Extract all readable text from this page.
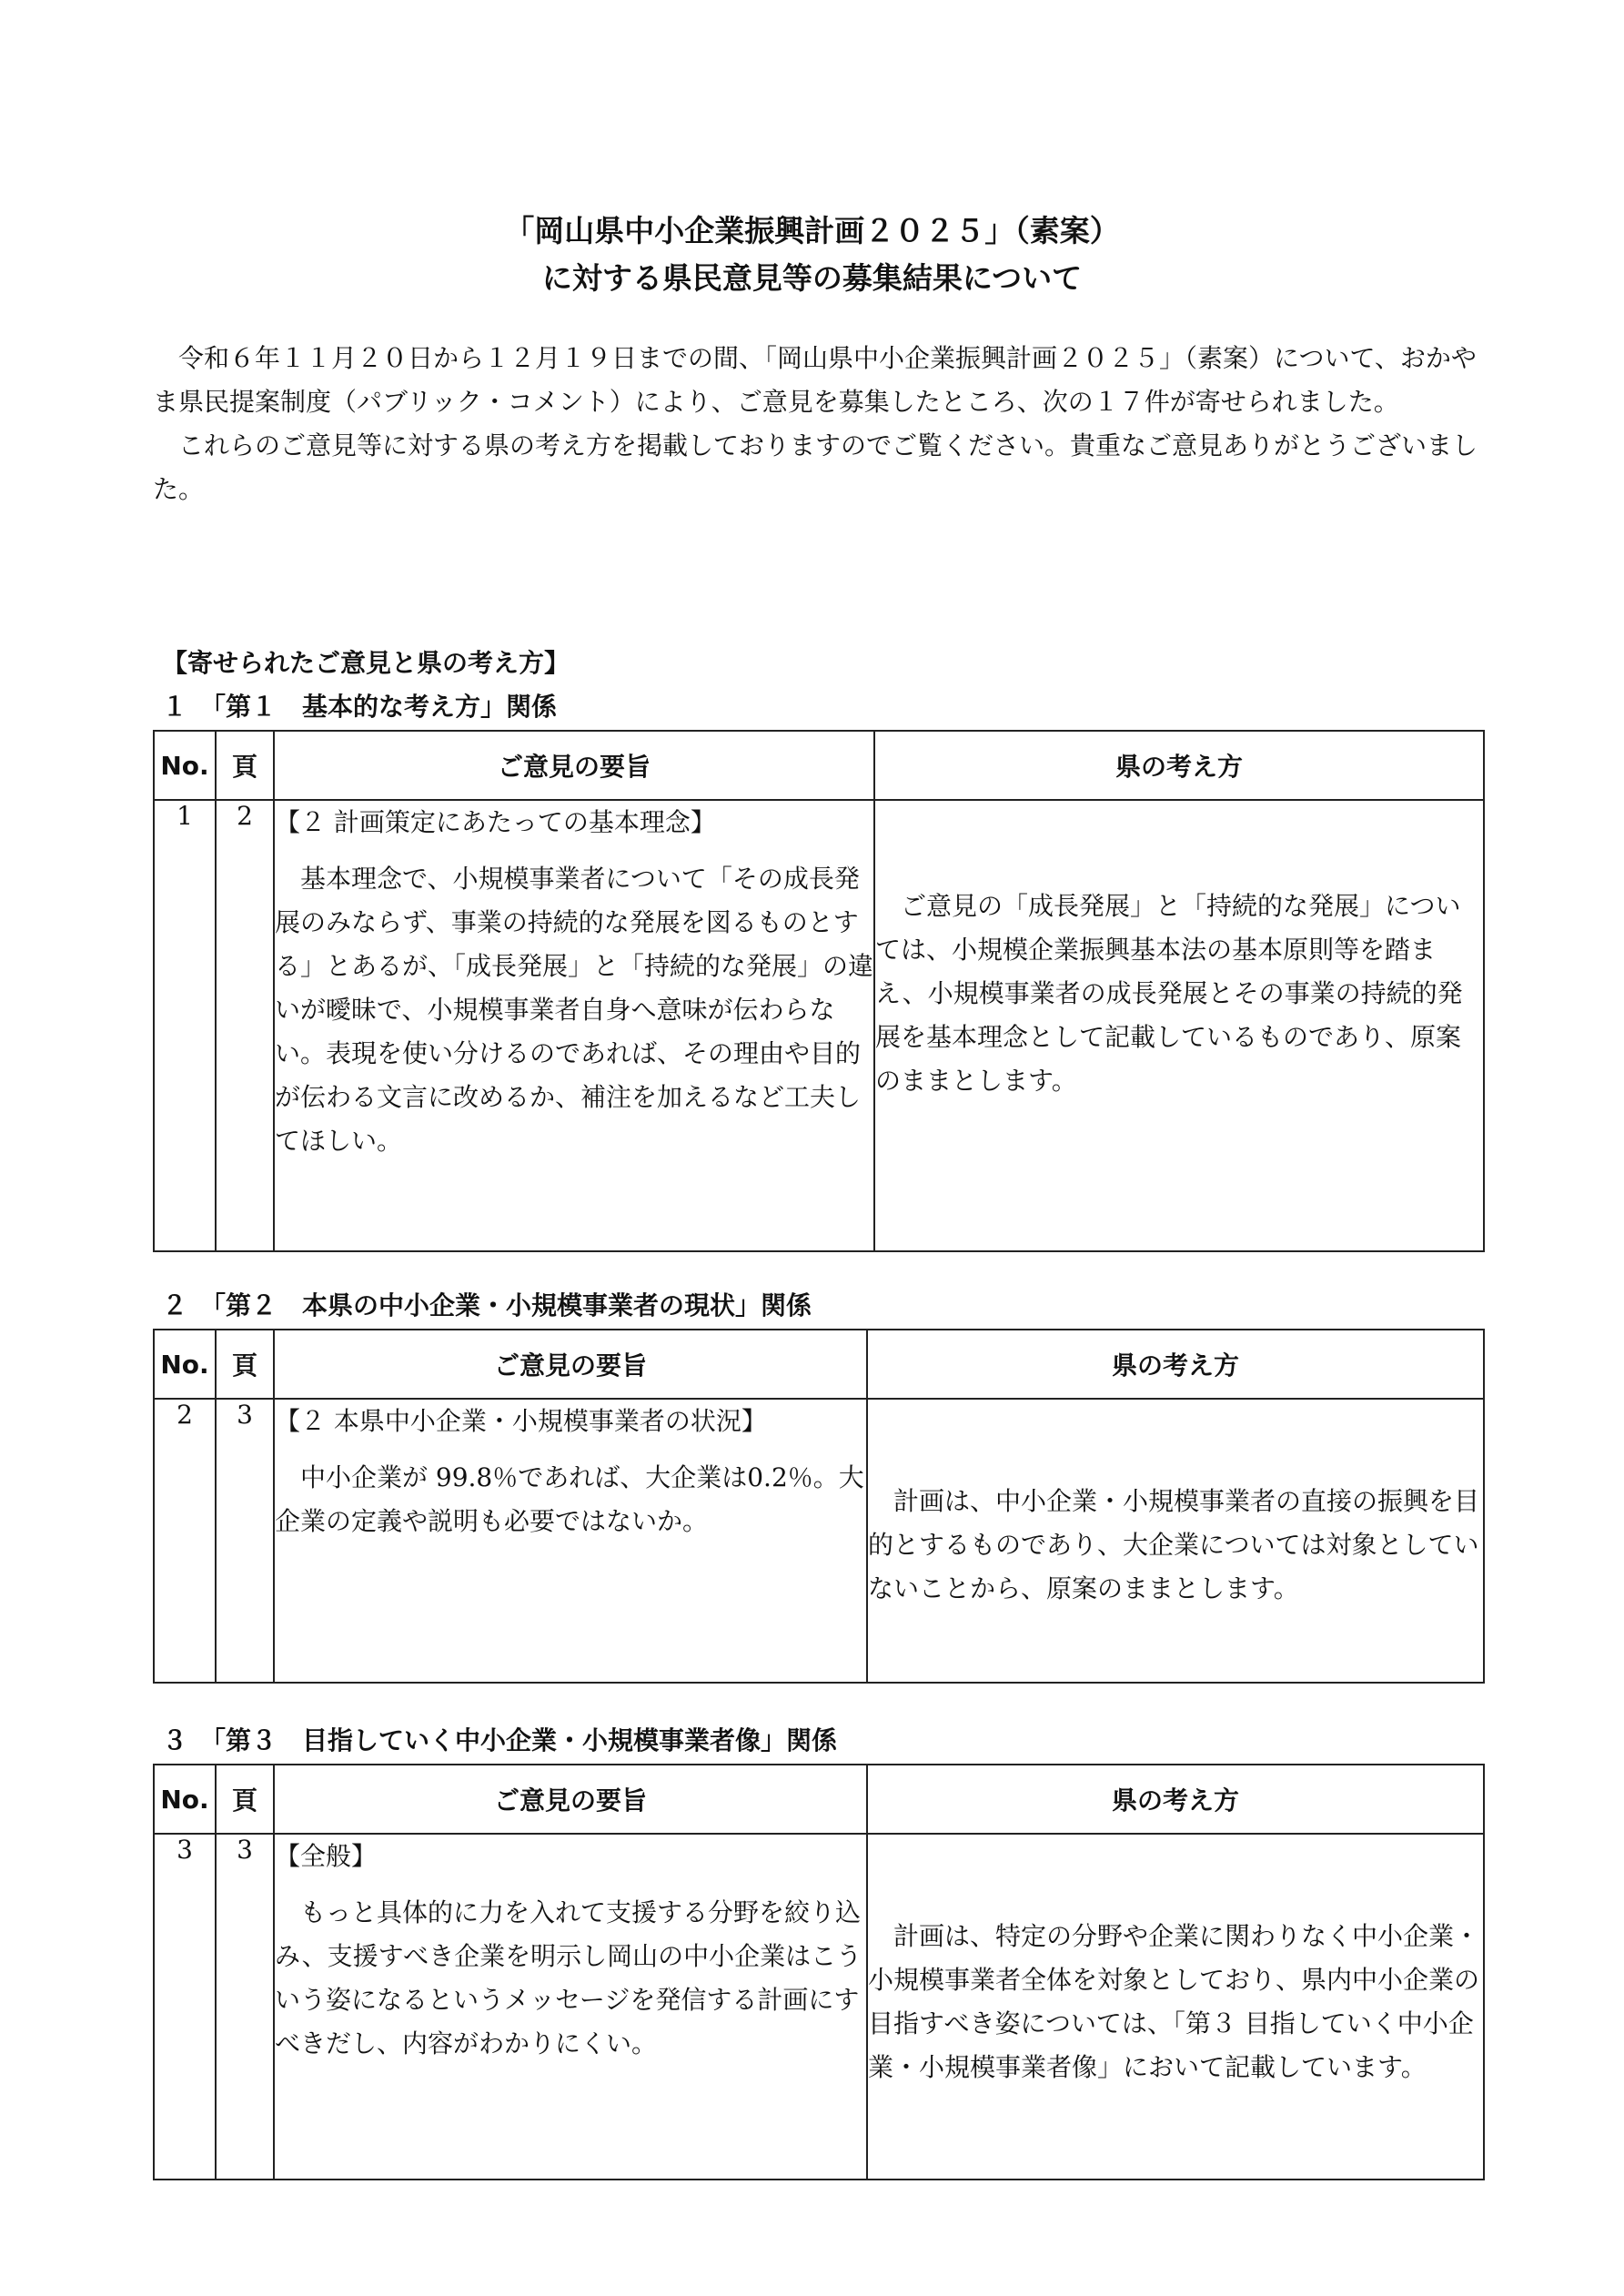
「岡山県中小企業振興計画２０２５」（素案）
に対する県民意見等の募集結果について

令和６年１１月２０日から１２月１９日までの間、「岡山県中小企業振興計画２０２５」（素案）について、おかやま県民提案制度（パブリック・コメント）により、ご意見を募集したところ、次の１７件が寄せられました。

これらのご意見等に対する県の考え方を掲載しておりますのでご覧ください。貴重なご意見ありがとうございました。

【寄せられたご意見と県の考え方】
１　「第１　基本的な考え方」関係
No.	頁	ご意見の要旨	県の考え方
1	2	【２ 計画策定にあたっての基本理念】

基本理念で、小規模事業者について「その成長発展のみならず、事業の持続的な発展を図るものとする」とあるが、「成長発展」と「持続的な発展」の違いが曖昧で、小規模事業者自身へ意味が伝わらない。表現を使い分けるのであれば、その理由や目的が伝わる文言に改めるか、補注を加えるなど工夫してほしい。	ご意見の「成長発展」と「持続的な発展」については、小規模企業振興基本法の基本原則等を踏まえ、小規模事業者の成長発展とその事業の持続的発展を基本理念として記載しているものであり、原案のままとします。

２　「第２　本県の中小企業・小規模事業者の現状」関係
No.	頁	ご意見の要旨	県の考え方
2	3	【２ 本県中小企業・小規模事業者の状況】

中小企業が 99.8％であれば、大企業は0.2％。大企業の定義や説明も必要ではないか。	計画は、中小企業・小規模事業者の直接の振興を目的とするものであり、大企業については対象としていないことから、原案のままとします。

３　「第３　目指していく中小企業・小規模事業者像」関係
No.	頁	ご意見の要旨	県の考え方
3	3	【全般】

もっと具体的に力を入れて支援する分野を絞り込み、支援すべき企業を明示し岡山の中小企業はこういう姿になるというメッセージを発信する計画にすべきだし、内容がわかりにくい。	計画は、特定の分野や企業に関わりなく中小企業・小規模事業者全体を対象としており、県内中小企業の目指すべき姿については、「第３ 目指していく中小企業・小規模事業者像」において記載しています。
